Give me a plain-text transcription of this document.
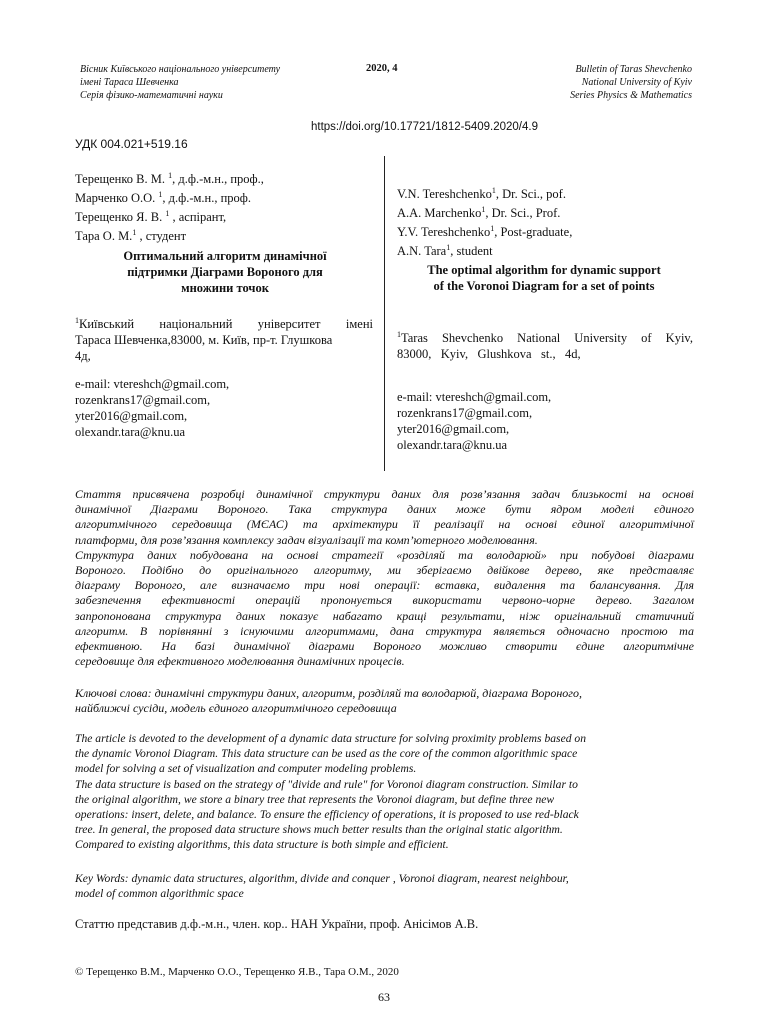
Вісник Київського національного університету
імені Тараса Шевченка
Серія фізико-математичні науки
2020, 4	Bulletin of Taras Shevchenko
National University of Kyiv
Series Physics & Mathematics
https://doi.org/10.17721/1812-5409.2020/4.9
УДК 004.021+519.16
Терещенко В. М. $^1$, д.ф.-м.н., проф.,
Марченко О.О. $^1$, д.ф.-м.н., проф.
Терещенко Я. В. $^1$ , аспірант,
Тара О. М.$^1$ , студент
Оптимальний алгоритм динамічної
підтримки Діаграми Вороного для
множини точок
$^1$Київський національний університет імені
Тараса Шевченка,83000, м. Київ, пр-т. Глушкова
4д,
e-mail: vtereshch@gmail.com,
rozenkrans17@gmail.com,
yter2016@gmail.com,
olexandr.tara@knu.ua
V.N. Tereshchenko$^1$, Dr. Sci., pof.
A.A. Marchenko$^1$, Dr. Sci., Prof.
Y.V. Tereshchenko$^1$, Post-graduate,
A.N. Tara$^1$, student
The optimal algorithm for dynamic support
of the Voronoi Diagram for a set of points
$^1$Taras Shevchenko National University of Kyiv,
83000,   Kyiv,   Glushkova   st.,   4d,
e-mail: vtereshch@gmail.com,
rozenkrans17@gmail.com,
yter2016@gmail.com,
olexandr.tara@knu.ua
Стаття присвячена розробці динамічної структури даних для розв’язання задач близькості на основі
динамічної Діаграми Вороного. Така структура даних може бути ядром моделі єдиного
алгоритмічного середовища (МЄАС) та архітектури її реалізації на основі єдиної алгоритмічної
платформи, для розв’язання комплексу задач візуалізації та комп’ютерного моделювання.
Структура даних побудована на основі стратегії «розділяй та володарюй» при побудові діаграми
Вороного. Подібно до оригінального алгоритму, ми зберігаємо двійкове дерево, яке представляє
діаграму Вороного, але визначаємо три нові операції: вставка, видалення та балансування. Для
забезпечення ефективності операцій пропонується використати червоно-чорне дерево. Загалом
запропонована структура даних показує набагато кращі результати, ніж оригінальний статичний
алгоритм. В порівнянні з існуючими алгоритмами, дана структура являється одночасно простою та
ефективною. На базі динамічної діаграми Вороного можливо створити єдине алгоритмічне
середовище для ефективного моделювання динамічних процесів.
Ключові слова: динамічні структури даних, алгоритм, розділяй та володарюй, діаграма Вороного,
найближчі сусіди, модель єдиного алгоритмічного середовища
The article is devoted to the development of a dynamic data structure for solving proximity problems based on
the dynamic Voronoi Diagram. This data structure can be used as the core of the common algorithmic space
model for solving a set of visualization and computer modeling problems.
The data structure is based on the strategy of "divide and rule" for Voronoi diagram construction. Similar to
the original algorithm, we store a binary tree that represents the Voronoi diagram, but define three new
operations: insert, delete, and balance. To ensure the efficiency of operations, it is proposed to use red-black
tree. In general, the proposed data structure shows much better results than the original static algorithm.
Compared to existing algorithms, this data structure is both simple and efficient.
Key Words: dynamic data structures, algorithm, divide and conquer , Voronoi diagram, nearest neighbour,
model of common algorithmic space
Статтю представив д.ф.-м.н., член. кор.. НАН України, проф. Анісімов А.В.
© Терещенко В.М., Марченко О.О., Терещенко Я.В., Тара О.М., 2020
63
